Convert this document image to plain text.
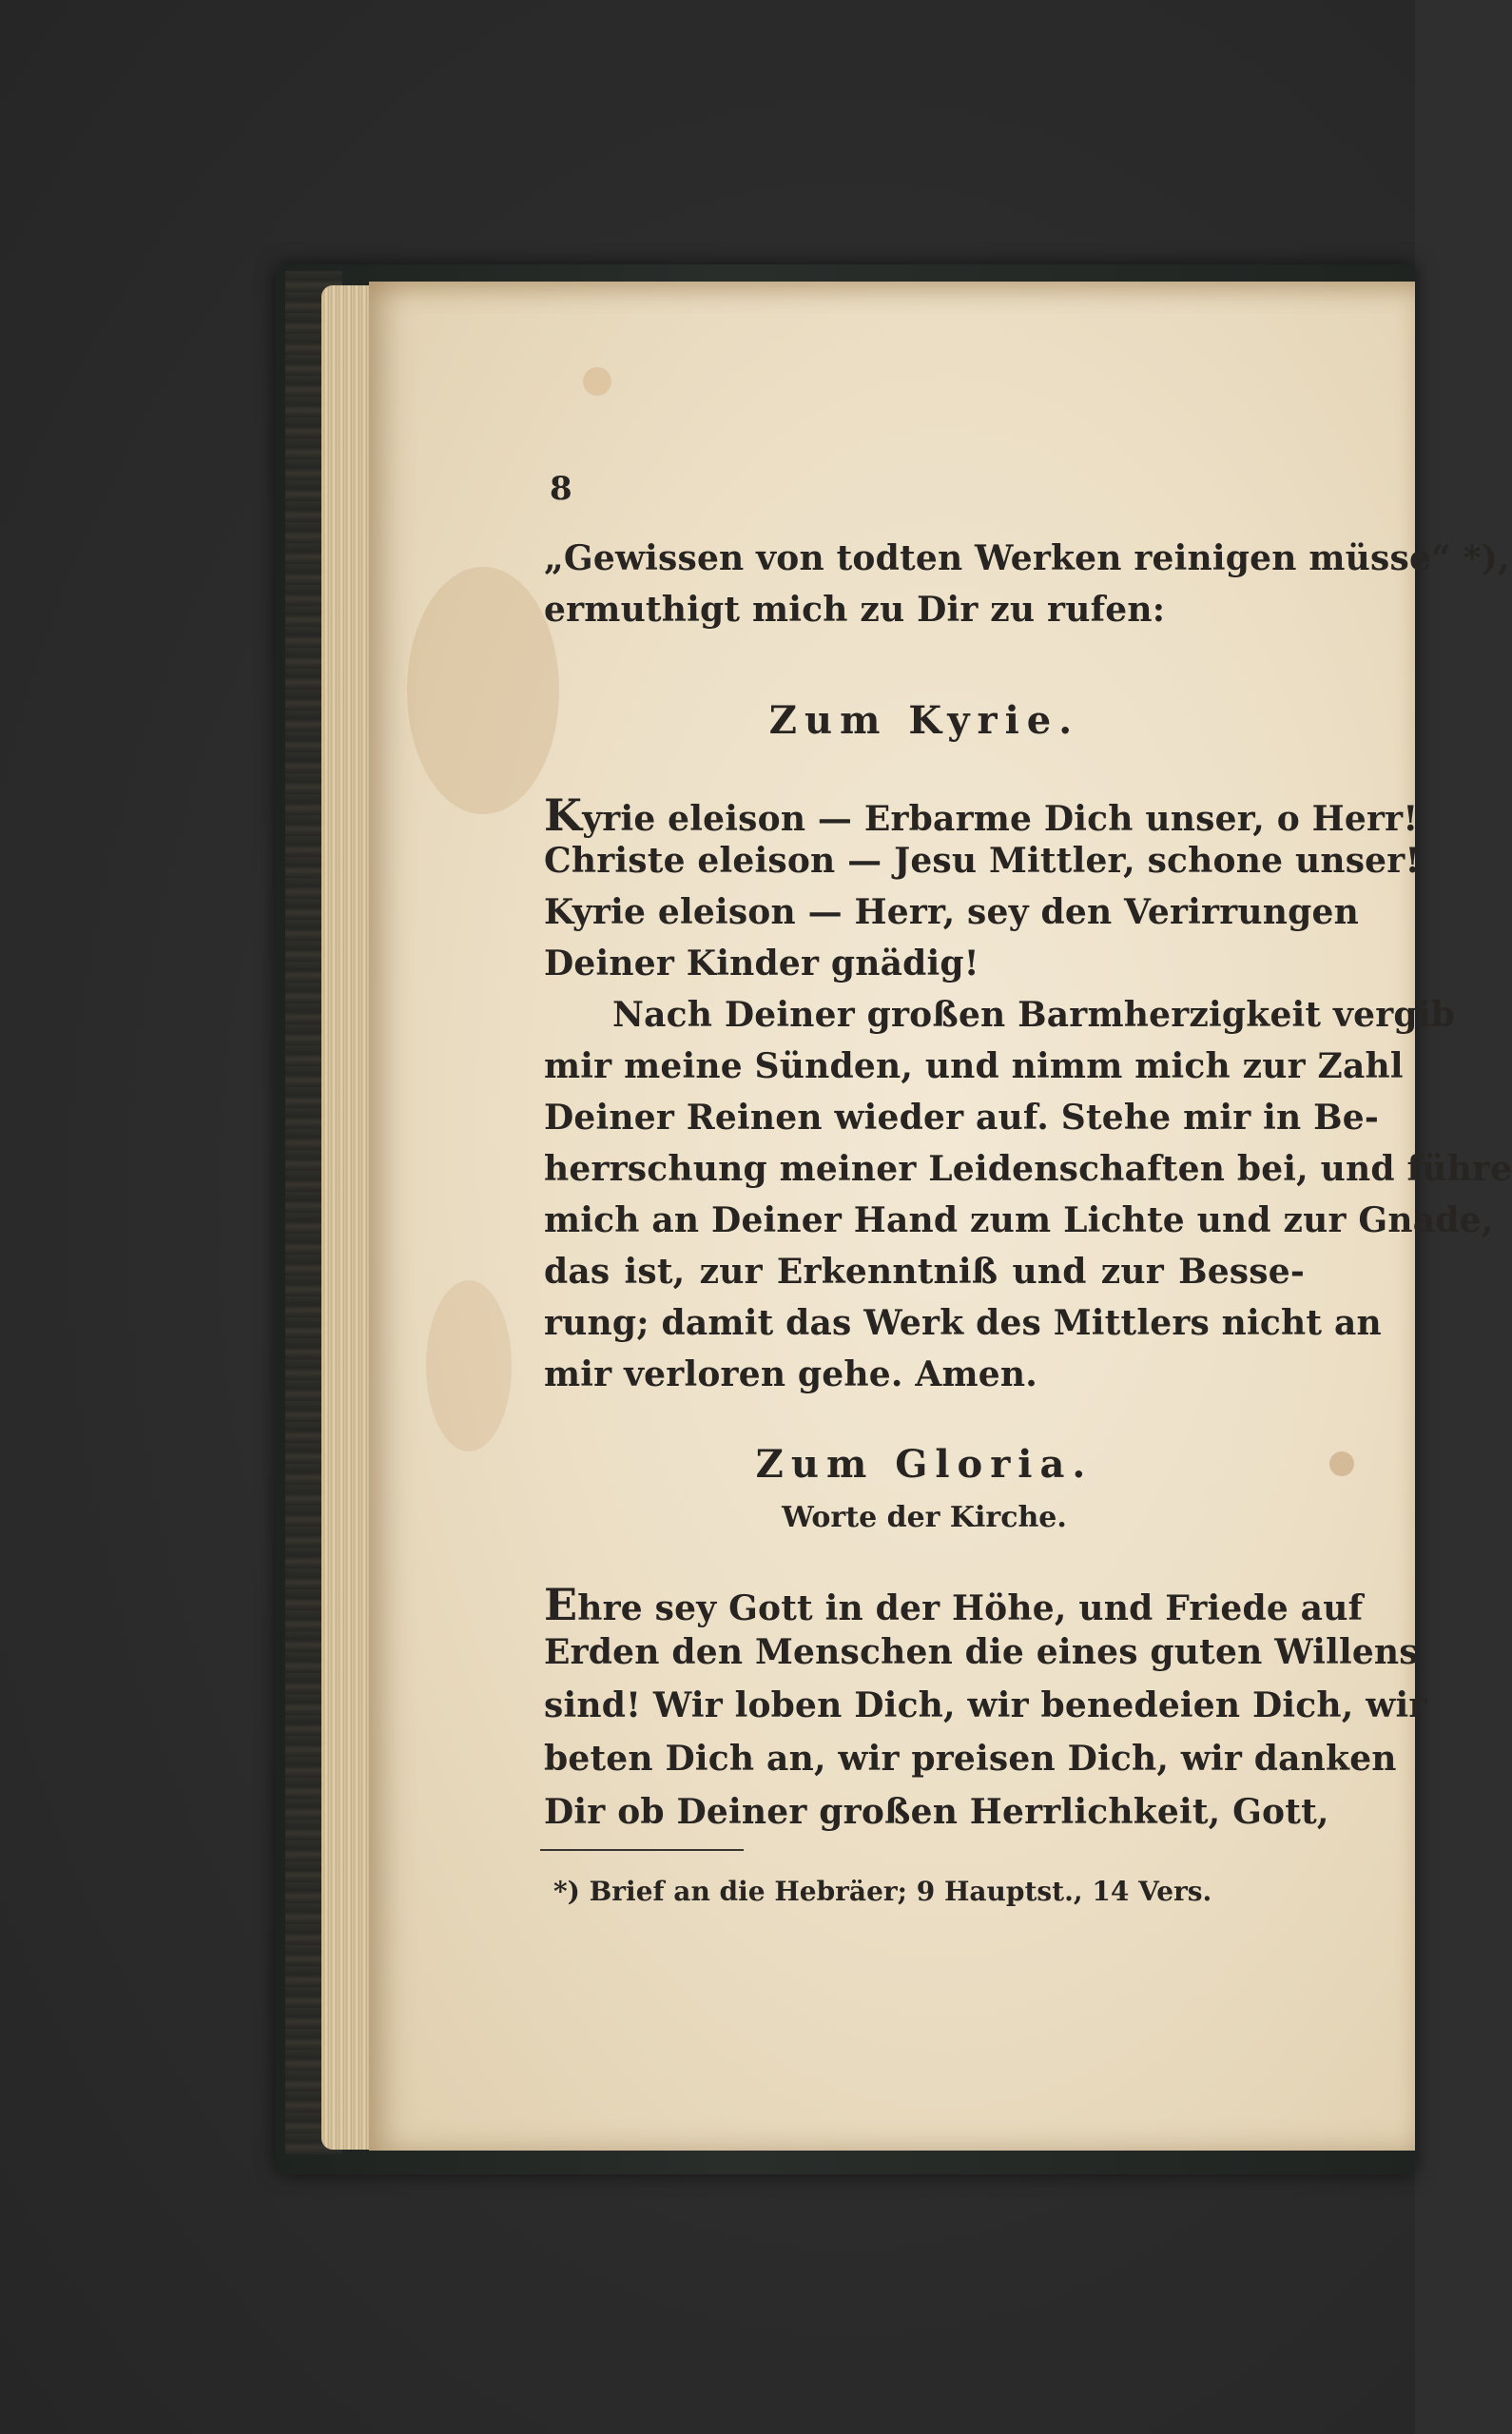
8
„Gewissen von todten Werken reinigen müsse“ *),
ermuthigt mich zu Dir zu rufen:
Zum Kyrie.
Kyrie eleison — Erbarme Dich unser, o Herr!
Christe eleison — Jesu Mittler, schone unser!
Kyrie eleison — Herr, sey den Verirrungen
Deiner Kinder gnädig!
Nach Deiner großen Barmherzigkeit vergib
mir meine Sünden, und nimm mich zur Zahl
Deiner Reinen wieder auf. Stehe mir in Be-
herrschung meiner Leidenschaften bei, und führe
mich an Deiner Hand zum Lichte und zur Gnade,
das ist, zur Erkenntniß und zur Besse-
rung; damit das Werk des Mittlers nicht an
mir verloren gehe. Amen.
Zum Gloria.
Worte der Kirche.
Ehre sey Gott in der Höhe, und Friede auf
Erden den Menschen die eines guten Willens
sind! Wir loben Dich, wir benedeien Dich, wir
beten Dich an, wir preisen Dich, wir danken
Dir ob Deiner großen Herrlichkeit, Gott,
*) Brief an die Hebräer; 9 Hauptst., 14 Vers.
